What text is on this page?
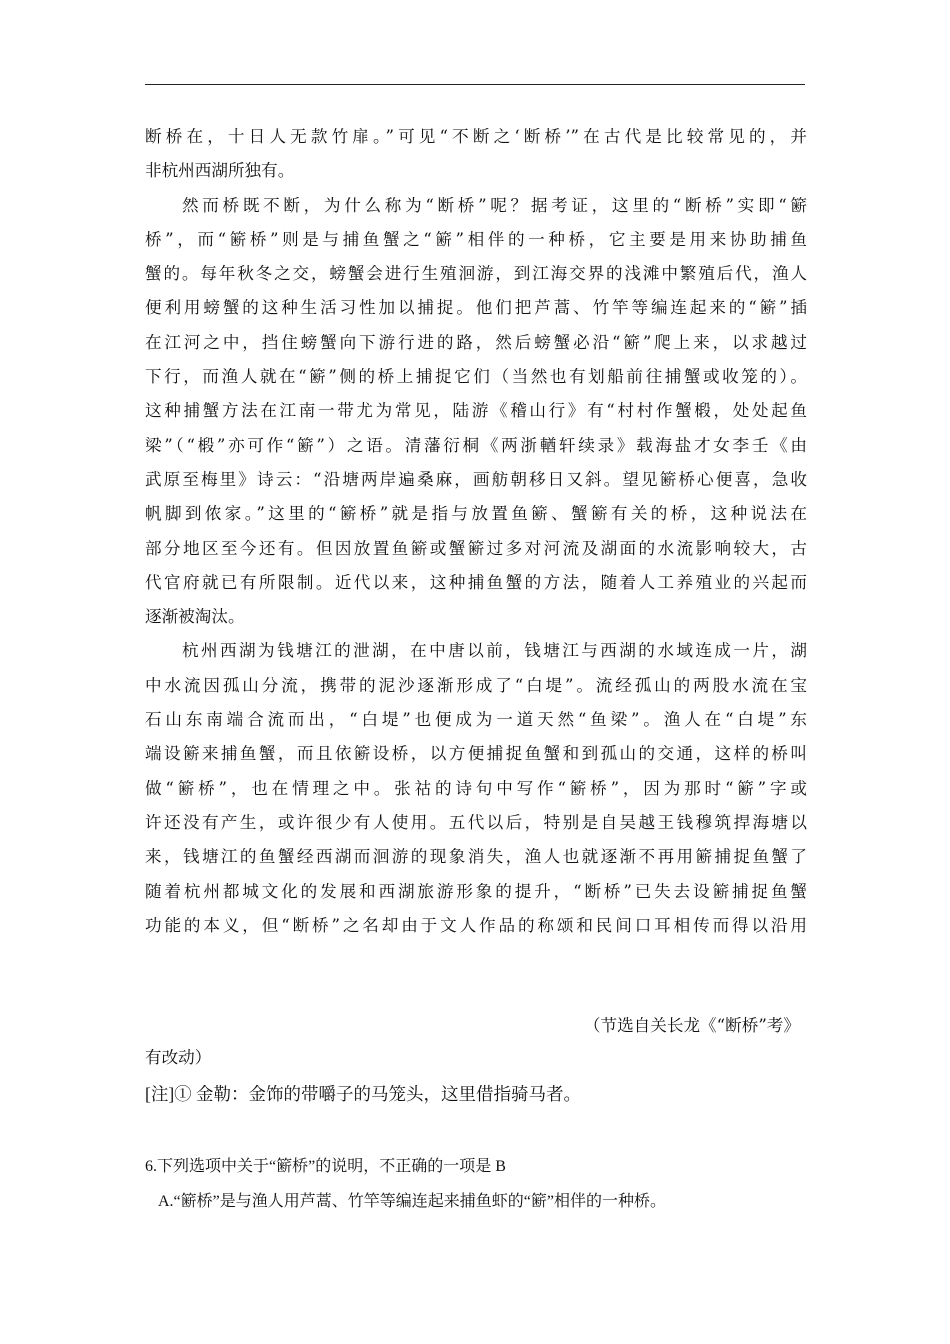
断桥在，十日人无款竹扉。”可见“不断之‘断桥’”在古代是比较常见的，并
非杭州西湖所独有。
然而桥既不断，为什么称为“断桥”呢？据考证，这里的“断桥”实即“簖
桥”，而“簖桥”则是与捕鱼蟹之“簖”相伴的一种桥，它主要是用来协助捕鱼
蟹的。每年秋冬之交，螃蟹会进行生殖洄游，到江海交界的浅滩中繁殖后代，渔人
便利用螃蟹的这种生活习性加以捕捉。他们把芦蒿、竹竿等编连起来的“簖”插
在江河之中，挡住螃蟹向下游行进的路，然后螃蟹必沿“簖”爬上来，以求越过
下行，而渔人就在“簖”侧的桥上捕捉它们（当然也有划船前往捕蟹或收笼的）。
这种捕蟹方法在江南一带尤为常见，陆游《稽山行》有“村村作蟹椴，处处起鱼
梁”（“椴”亦可作“簖”）之语。清藩衍桐《两浙輶轩续录》载海盐才女李壬《由
武原至梅里》诗云：“沿塘两岸遍桑麻，画舫朝移日又斜。望见簖桥心便喜，急收
帆脚到侬家。”这里的“簖桥”就是指与放置鱼簖、蟹簖有关的桥，这种说法在
部分地区至今还有。但因放置鱼簖或蟹簖过多对河流及湖面的水流影响较大，古
代官府就已有所限制。近代以来，这种捕鱼蟹的方法，随着人工养殖业的兴起而
逐渐被淘汰。
杭州西湖为钱塘江的泄湖，在中唐以前，钱塘江与西湖的水域连成一片，湖
中水流因孤山分流，携带的泥沙逐渐形成了“白堤”。流经孤山的两股水流在宝
石山东南端合流而出，“白堤”也便成为一道天然“鱼梁”。渔人在“白堤”东
端设簖来捕鱼蟹，而且依簖设桥，以方便捕捉鱼蟹和到孤山的交通，这样的桥叫
做“簖桥”，也在情理之中。张祜的诗句中写作“簖桥”，因为那时“簖”字或
许还没有产生，或许很少有人使用。五代以后，特别是自吴越王钱穆筑捍海塘以
来，钱塘江的鱼蟹经西湖而洄游的现象消失，渔人也就逐渐不再用簖捕捉鱼蟹了
随着杭州都城文化的发展和西湖旅游形象的提升，“断桥”已失去设簖捕捉鱼蟹
功能的本义，但“断桥”之名却由于文人作品的称颂和民间口耳相传而得以沿用
（节选自关长龙《“断桥”考》
有改动）
[注]① 金勒：金饰的带嚼子的马笼头，这里借指骑马者。
6.下列选项中关于“簖桥”的说明，不正确的一项是 B
A.“簖桥”是与渔人用芦蒿、竹竿等编连起来捕鱼虾的“簖”相伴的一种桥。
